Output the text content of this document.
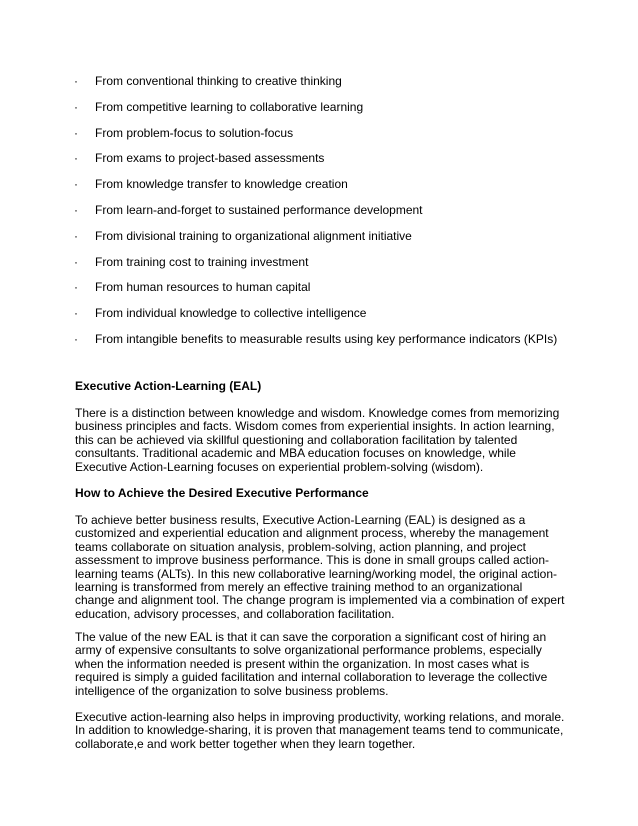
·	From conventional thinking to creative thinking
·	From competitive learning to collaborative learning
·	From problem-focus to solution-focus
·	From exams to project-based assessments
·	From knowledge transfer to knowledge creation
·	From learn-and-forget to sustained performance development
·	From divisional training to organizational alignment initiative
·	From training cost to training investment
·	From human resources to human capital
·	From individual knowledge to collective intelligence
·	From intangible benefits to measurable results using key performance indicators (KPIs)
Executive Action-Learning (EAL)

There is a distinction between knowledge and wisdom. Knowledge comes from memorizing business principles and facts. Wisdom comes from experiential insights. In action learning, this can be achieved via skillful questioning and collaboration facilitation by talented consultants. Traditional academic and MBA education focuses on knowledge, while Executive Action-Learning focuses on experiential problem-solving (wisdom).

How to Achieve the Desired Executive Performance

To achieve better business results, Executive Action-Learning (EAL) is designed as a customized and experiential education and alignment process, whereby the management teams collaborate on situation analysis, problem-solving, action planning, and project assessment to improve business performance. This is done in small groups called action-learning teams (ALTs). In this new collaborative learning/working model, the original action-learning is transformed from merely an effective training method to an organizational change and alignment tool. The change program is implemented via a combination of expert education, advisory processes, and collaboration facilitation.

The value of the new EAL is that it can save the corporation a significant cost of hiring an army of expensive consultants to solve organizational performance problems, especially when the information needed is present within the organization. In most cases what is required is simply a guided facilitation and internal collaboration to leverage the collective intelligence of the organization to solve business problems.

Executive action-learning also helps in improving productivity, working relations, and morale. In addition to knowledge-sharing, it is proven that management teams tend to communicate, collaborate,e and work better together when they learn together.
